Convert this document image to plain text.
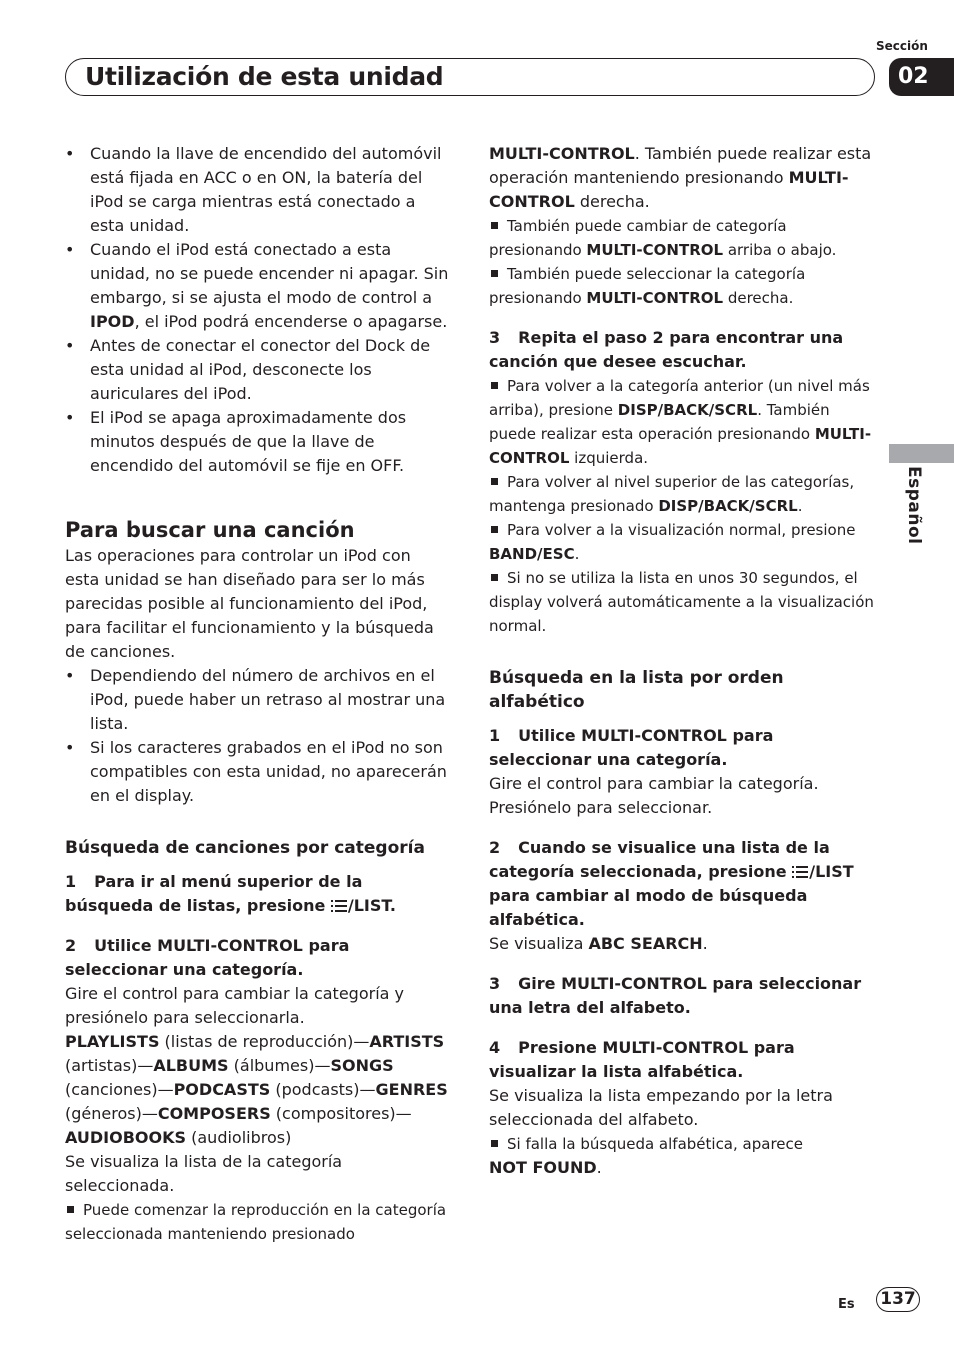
Utilización de esta unidad
Sección
02
Español

• Cuando la llave de encendido del automóvil está fijada en ACC o en ON, la batería del iPod se carga mientras está conectado a esta unidad.

• Cuando el iPod está conectado a esta unidad, no se puede encender ni apagar. Sin embargo, si se ajusta el modo de control a IPOD, el iPod podrá encenderse o apagarse.

• Antes de conectar el conector del Dock de esta unidad al iPod, desconecte los auriculares del iPod.

• El iPod se apaga aproximadamente dos minutos después de que la llave de encendido del automóvil se fije en OFF.

Para buscar una canción

Las operaciones para controlar un iPod con esta unidad se han diseñado para ser lo más parecidas posible al funcionamiento del iPod, para facilitar el funcionamiento y la búsqueda de canciones.

• Dependiendo del número de archivos en el iPod, puede haber un retraso al mostrar una lista.

• Si los caracteres grabados en el iPod no son compatibles con esta unidad, no aparecerán en el display.

Búsqueda de canciones por categoría

1 Para ir al menú superior de la búsqueda de listas, presione /LIST.

2 Utilice MULTI-CONTROL para seleccionar una categoría.

Gire el control para cambiar la categoría y presiónelo para seleccionarla.

PLAYLISTS (listas de reproducción)—ARTISTS (artistas)—ALBUMS (álbumes)—SONGS (canciones)—PODCASTS (podcasts)—GENRES (géneros)—COMPOSERS (compositores)—AUDIOBOOKS (audiolibros)

Se visualiza la lista de la categoría seleccionada.

Puede comenzar la reproducción en la categoría seleccionada manteniendo presionado

MULTI-CONTROL. También puede realizar esta operación manteniendo presionando MULTI-CONTROL derecha.

También puede cambiar de categoría presionando MULTI-CONTROL arriba o abajo.

También puede seleccionar la categoría presionando MULTI-CONTROL derecha.

3 Repita el paso 2 para encontrar una canción que desee escuchar.

Para volver a la categoría anterior (un nivel más arriba), presione DISP/BACK/SCRL. También puede realizar esta operación presionando MULTI-CONTROL izquierda.

Para volver al nivel superior de las categorías, mantenga presionado DISP/BACK/SCRL.

Para volver a la visualización normal, presione BAND/ESC.

Si no se utiliza la lista en unos 30 segundos, el display volverá automáticamente a la visualización normal.

Búsqueda en la lista por orden alfabético

1 Utilice MULTI-CONTROL para seleccionar una categoría.

Gire el control para cambiar la categoría. Presiónelo para seleccionar.

2 Cuando se visualice una lista de la categoría seleccionada, presione /LIST para cambiar al modo de búsqueda alfabética.

Se visualiza ABC SEARCH.

3 Gire MULTI-CONTROL para seleccionar una letra del alfabeto.

4 Presione MULTI-CONTROL para visualizar la lista alfabética.

Se visualiza la lista empezando por la letra seleccionada del alfabeto.

Si falla la búsqueda alfabética, aparece

NOT FOUND.

Es 137
